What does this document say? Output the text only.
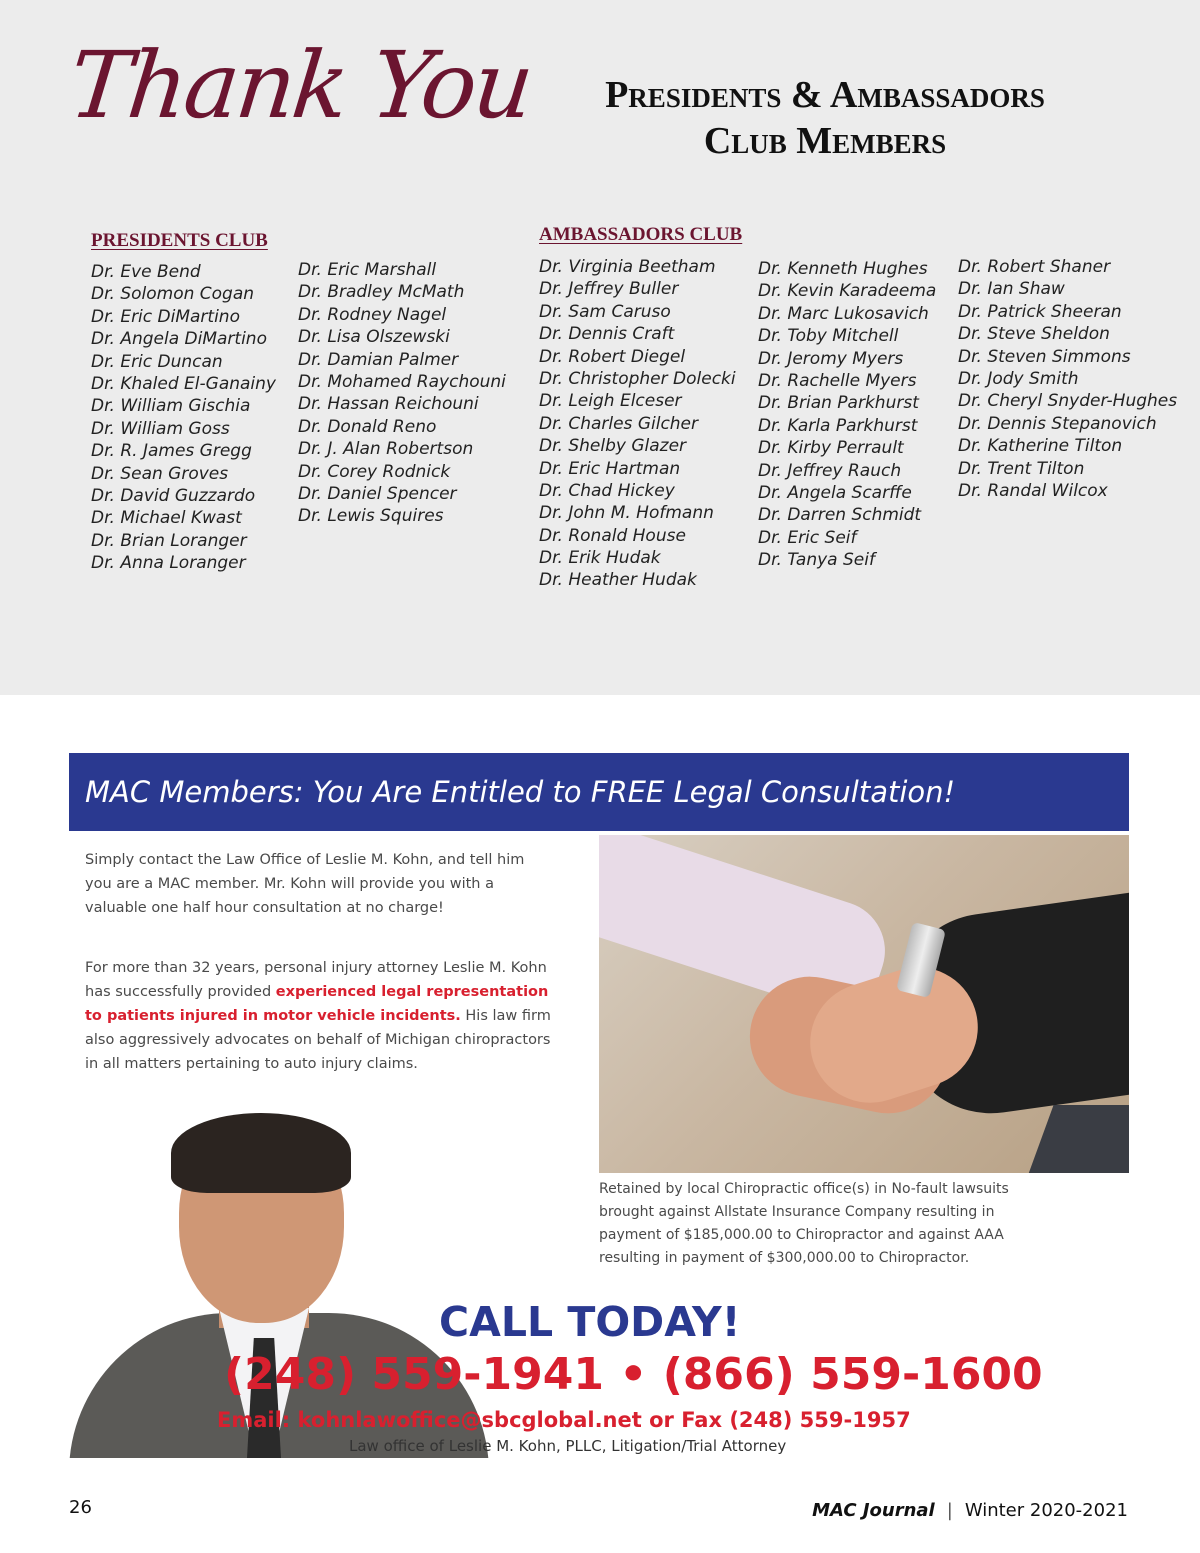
Thank You	Presidents & Ambassadors
Club Members
PRESIDENTS CLUB
Dr. Eve Bend
Dr. Solomon Cogan
Dr. Eric DiMartino
Dr. Angela DiMartino
Dr. Eric Duncan
Dr. Khaled El-Ganainy
Dr. William Gischia
Dr. William Goss
Dr. R. James Gregg
Dr. Sean Groves
Dr. David Guzzardo
Dr. Michael Kwast
Dr. Brian Loranger
Dr. Anna Loranger
Dr. Eric Marshall
Dr. Bradley McMath
Dr. Rodney Nagel
Dr. Lisa Olszewski
Dr. Damian Palmer
Dr. Mohamed Raychouni
Dr. Hassan Reichouni
Dr. Donald Reno
Dr. J. Alan Robertson
Dr. Corey Rodnick
Dr. Daniel Spencer
Dr. Lewis Squires
AMBASSADORS CLUB
Dr. Virginia Beetham
Dr. Jeffrey Buller
Dr. Sam Caruso
Dr. Dennis Craft
Dr. Robert Diegel
Dr. Christopher Dolecki
Dr. Leigh Elceser
Dr. Charles Gilcher
Dr. Shelby Glazer
Dr. Eric Hartman
Dr. Chad Hickey
Dr. John M. Hofmann
Dr. Ronald House
Dr. Erik Hudak
Dr. Heather Hudak
Dr. Kenneth Hughes
Dr. Kevin Karadeema
Dr. Marc Lukosavich
Dr. Toby Mitchell
Dr. Jeromy Myers
Dr. Rachelle Myers
Dr. Brian Parkhurst
Dr. Karla Parkhurst
Dr. Kirby Perrault
Dr. Jeffrey Rauch
Dr. Angela Scarffe
Dr. Darren Schmidt
Dr. Eric Seif
Dr. Tanya Seif
Dr. Robert Shaner
Dr. Ian Shaw
Dr. Patrick Sheeran
Dr. Steve Sheldon
Dr. Steven Simmons
Dr. Jody Smith
Dr. Cheryl Snyder-Hughes
Dr. Dennis Stepanovich
Dr. Katherine Tilton
Dr. Trent Tilton
Dr. Randal Wilcox
MAC Members: You Are Entitled to FREE Legal Consultation!
Simply contact the Law Office of Leslie M. Kohn, and tell him you are a MAC member. Mr. Kohn will provide you with a valuable one half hour consultation at no charge!
For more than 32 years, personal injury attorney Leslie M. Kohn has successfully provided experienced legal representation to patients injured in motor vehicle incidents. His law firm also aggressively advocates on behalf of Michigan chiropractors in all matters pertaining to auto injury claims.
Retained by local Chiropractic office(s) in No-fault lawsuits brought against Allstate Insurance Company resulting in payment of $185,000.00 to Chiropractor and against AAA resulting in payment of $300,000.00 to Chiropractor.
CALL TODAY!
(248) 559-1941 • (866) 559-1600
Email: kohnlawoffice@sbcglobal.net or Fax (248) 559-1957
Law office of Leslie M. Kohn, PLLC, Litigation/Trial Attorney
26	MAC Journal | Winter 2020-2021
